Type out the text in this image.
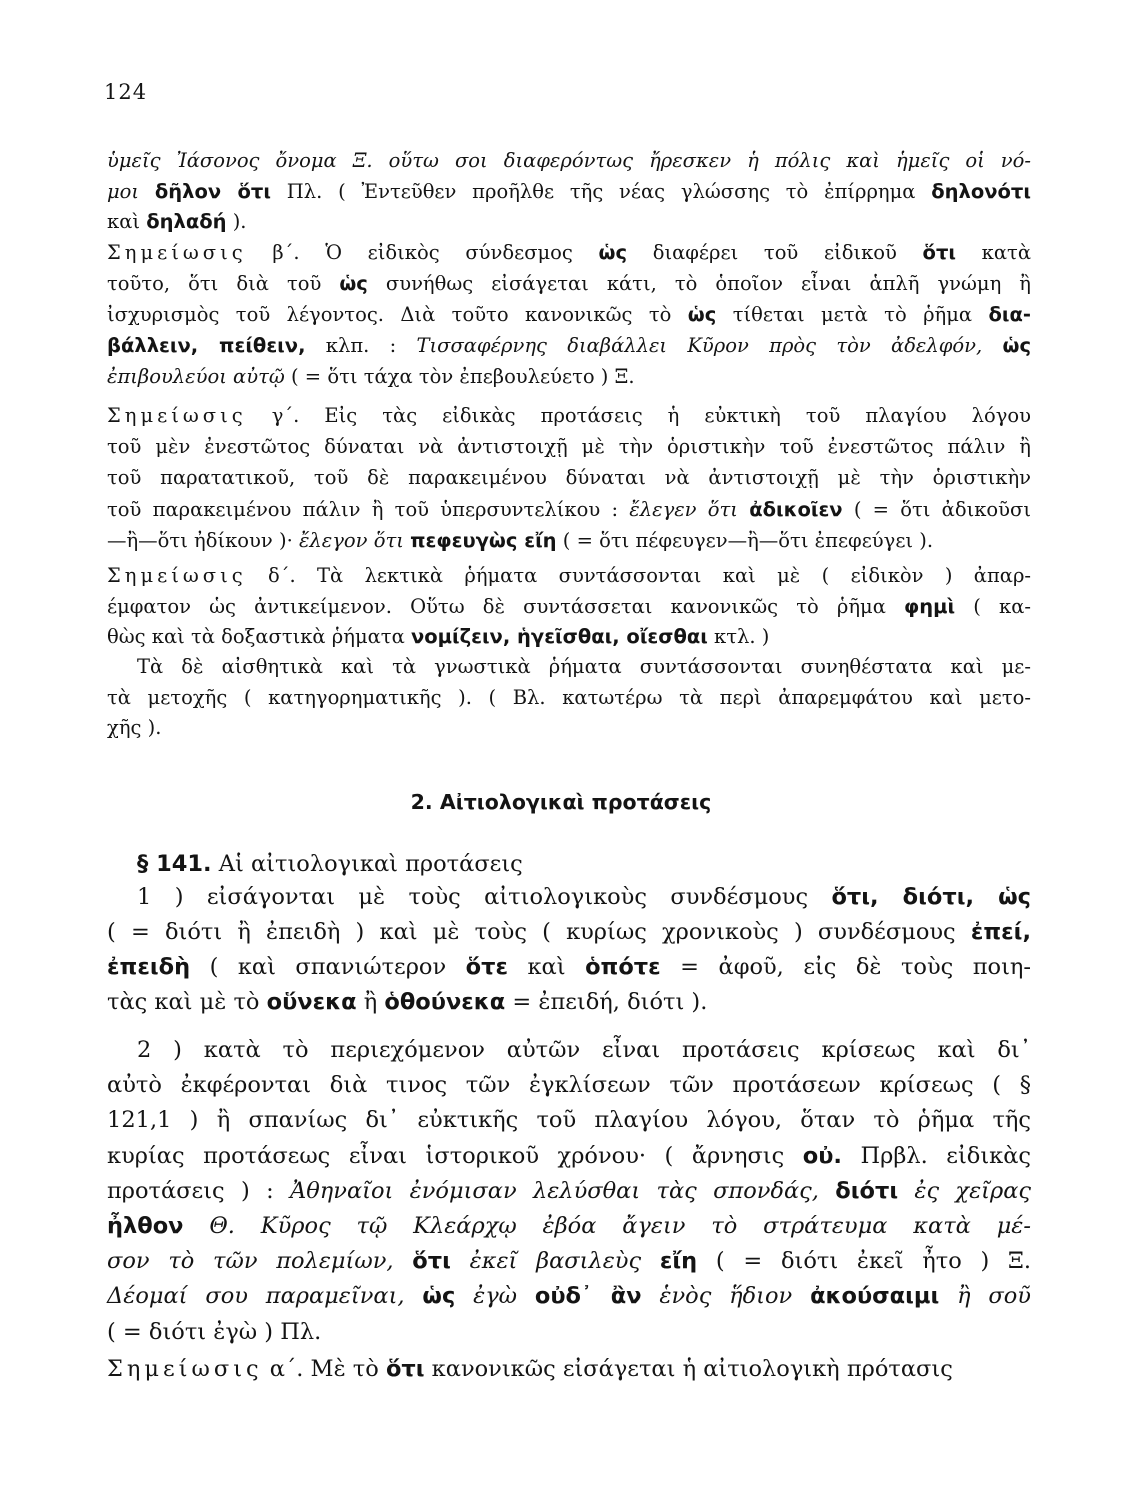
124
ὑμεῖς Ἰάσονος ὄνομα Ξ. οὕτω σοι διαφερόντως ἤρεσκεν ἡ πόλις καὶ ἡμεῖς οἱ νό-
μοι δῆλον ὅτι Πλ. ( Ἐντεῦθεν προῆλθε τῆς νέας γλώσσης τὸ ἐπίρρημα δηλονότι
καὶ δηλαδή ).
Σημείωσις β΄. Ὁ εἰδικὸς σύνδεσμος ὡς διαφέρει τοῦ εἰδικοῦ ὅτι κατὰ
τοῦτο, ὅτι διὰ τοῦ ὡς συνήθως εἰσάγεται κάτι, τὸ ὁποῖον εἶναι ἁπλῆ γνώμη ἢ
ἰσχυρισμὸς τοῦ λέγοντος. Διὰ τοῦτο κανονικῶς τὸ ὡς τίθεται μετὰ τὸ ῥῆμα δια-
βάλλειν, πείθειν, κλπ. : Τισσαφέρνης διαβάλλει Κῦρον πρὸς τὸν ἀδελφόν, ὡς
ἐπιβουλεύοι αὐτῷ ( = ὅτι τάχα τὸν ἐπεβουλεύετο ) Ξ.
Σημείωσις γ΄. Εἰς τὰς εἰδικὰς προτάσεις ἡ εὐκτικὴ τοῦ πλαγίου λόγου
τοῦ μὲν ἐνεστῶτος δύναται νὰ ἀντιστοιχῇ μὲ τὴν ὁριστικὴν τοῦ ἐνεστῶτος πάλιν ἢ
τοῦ παρατατικοῦ, τοῦ δὲ παρακειμένου δύναται νὰ ἀντιστοιχῇ μὲ τὴν ὁριστικὴν
τοῦ παρακειμένου πάλιν ἢ τοῦ ὑπερσυντελίκου : ἔλεγεν ὅτι ἀδικοῖεν ( = ὅτι ἀδικοῦσι
—ἢ—ὅτι ἠδίκουν )· ἔλεγον ὅτι πεφευγὼς εἴη ( = ὅτι πέφευγεν—ἢ—ὅτι ἐπεφεύγει ).
Σημείωσις δ΄. Τὰ λεκτικὰ ῥήματα συντάσσονται καὶ μὲ ( εἰδικὸν ) ἀπαρ-
έμφατον ὡς ἀντικείμενον. Οὕτω δὲ συντάσσεται κανονικῶς τὸ ῥῆμα φημὶ ( κα-
θὼς καὶ τὰ δοξαστικὰ ῥήματα νομίζειν, ἡγεῖσθαι, οἴεσθαι κτλ. )
Τὰ δὲ αἰσθητικὰ καὶ τὰ γνωστικὰ ῥήματα συντάσσονται συνηθέστατα καὶ με-
τὰ μετοχῆς ( κατηγορηματικῆς ). ( Βλ. κατωτέρω τὰ περὶ ἀπαρεμφάτου καὶ μετο-
χῆς ).
2. Αἰτιολογικαὶ προτάσεις
§ 141. Αἱ αἰτιολογικαὶ προτάσεις
1 ) εἰσάγονται μὲ τοὺς αἰτιολογικοὺς συνδέσμους ὅτι, διότι, ὡς
( = διότι ἢ ἐπειδὴ ) καὶ μὲ τοὺς ( κυρίως χρονικοὺς ) συνδέσμους ἐπεί,
ἐπειδὴ ( καὶ σπανιώτερον ὅτε καὶ ὁπότε = ἀφοῦ, εἰς δὲ τοὺς ποιη-
τὰς καὶ μὲ τὸ οὕνεκα ἢ ὁθούνεκα = ἐπειδή, διότι ).
2 ) κατὰ τὸ περιεχόμενον αὐτῶν εἶναι προτάσεις κρίσεως καὶ δι᾽
αὐτὸ ἐκφέρονται διὰ τινος τῶν ἐγκλίσεων τῶν προτάσεων κρίσεως ( §
121,1 ) ἢ σπανίως δι᾽ εὐκτικῆς τοῦ πλαγίου λόγου, ὅταν τὸ ῥῆμα τῆς
κυρίας προτάσεως εἶναι ἱστορικοῦ χρόνου· ( ἄρνησις οὐ. Πρβλ. εἰδικὰς
προτάσεις ) : Ἀθηναῖοι ἐνόμισαν λελύσθαι τὰς σπονδάς, διότι ἐς χεῖρας
ἦλθον Θ. Κῦρος τῷ Κλεάρχῳ ἐβόα ἄγειν τὸ στράτευμα κατὰ μέ-
σον τὸ τῶν πολεμίων, ὅτι ἐκεῖ βασιλεὺς εἴη ( = διότι ἐκεῖ ἦτο ) Ξ.
Δέομαί σου παραμεῖναι, ὡς ἐγὼ οὐδ᾽ ἂν ἑνὸς ἥδιον ἀκούσαιμι ἢ σοῦ
( = διότι ἐγὼ ) Πλ.
Σημείωσις α΄. Μὲ τὸ ὅτι κανονικῶς εἰσάγεται ἡ αἰτιολογικὴ πρότασις
